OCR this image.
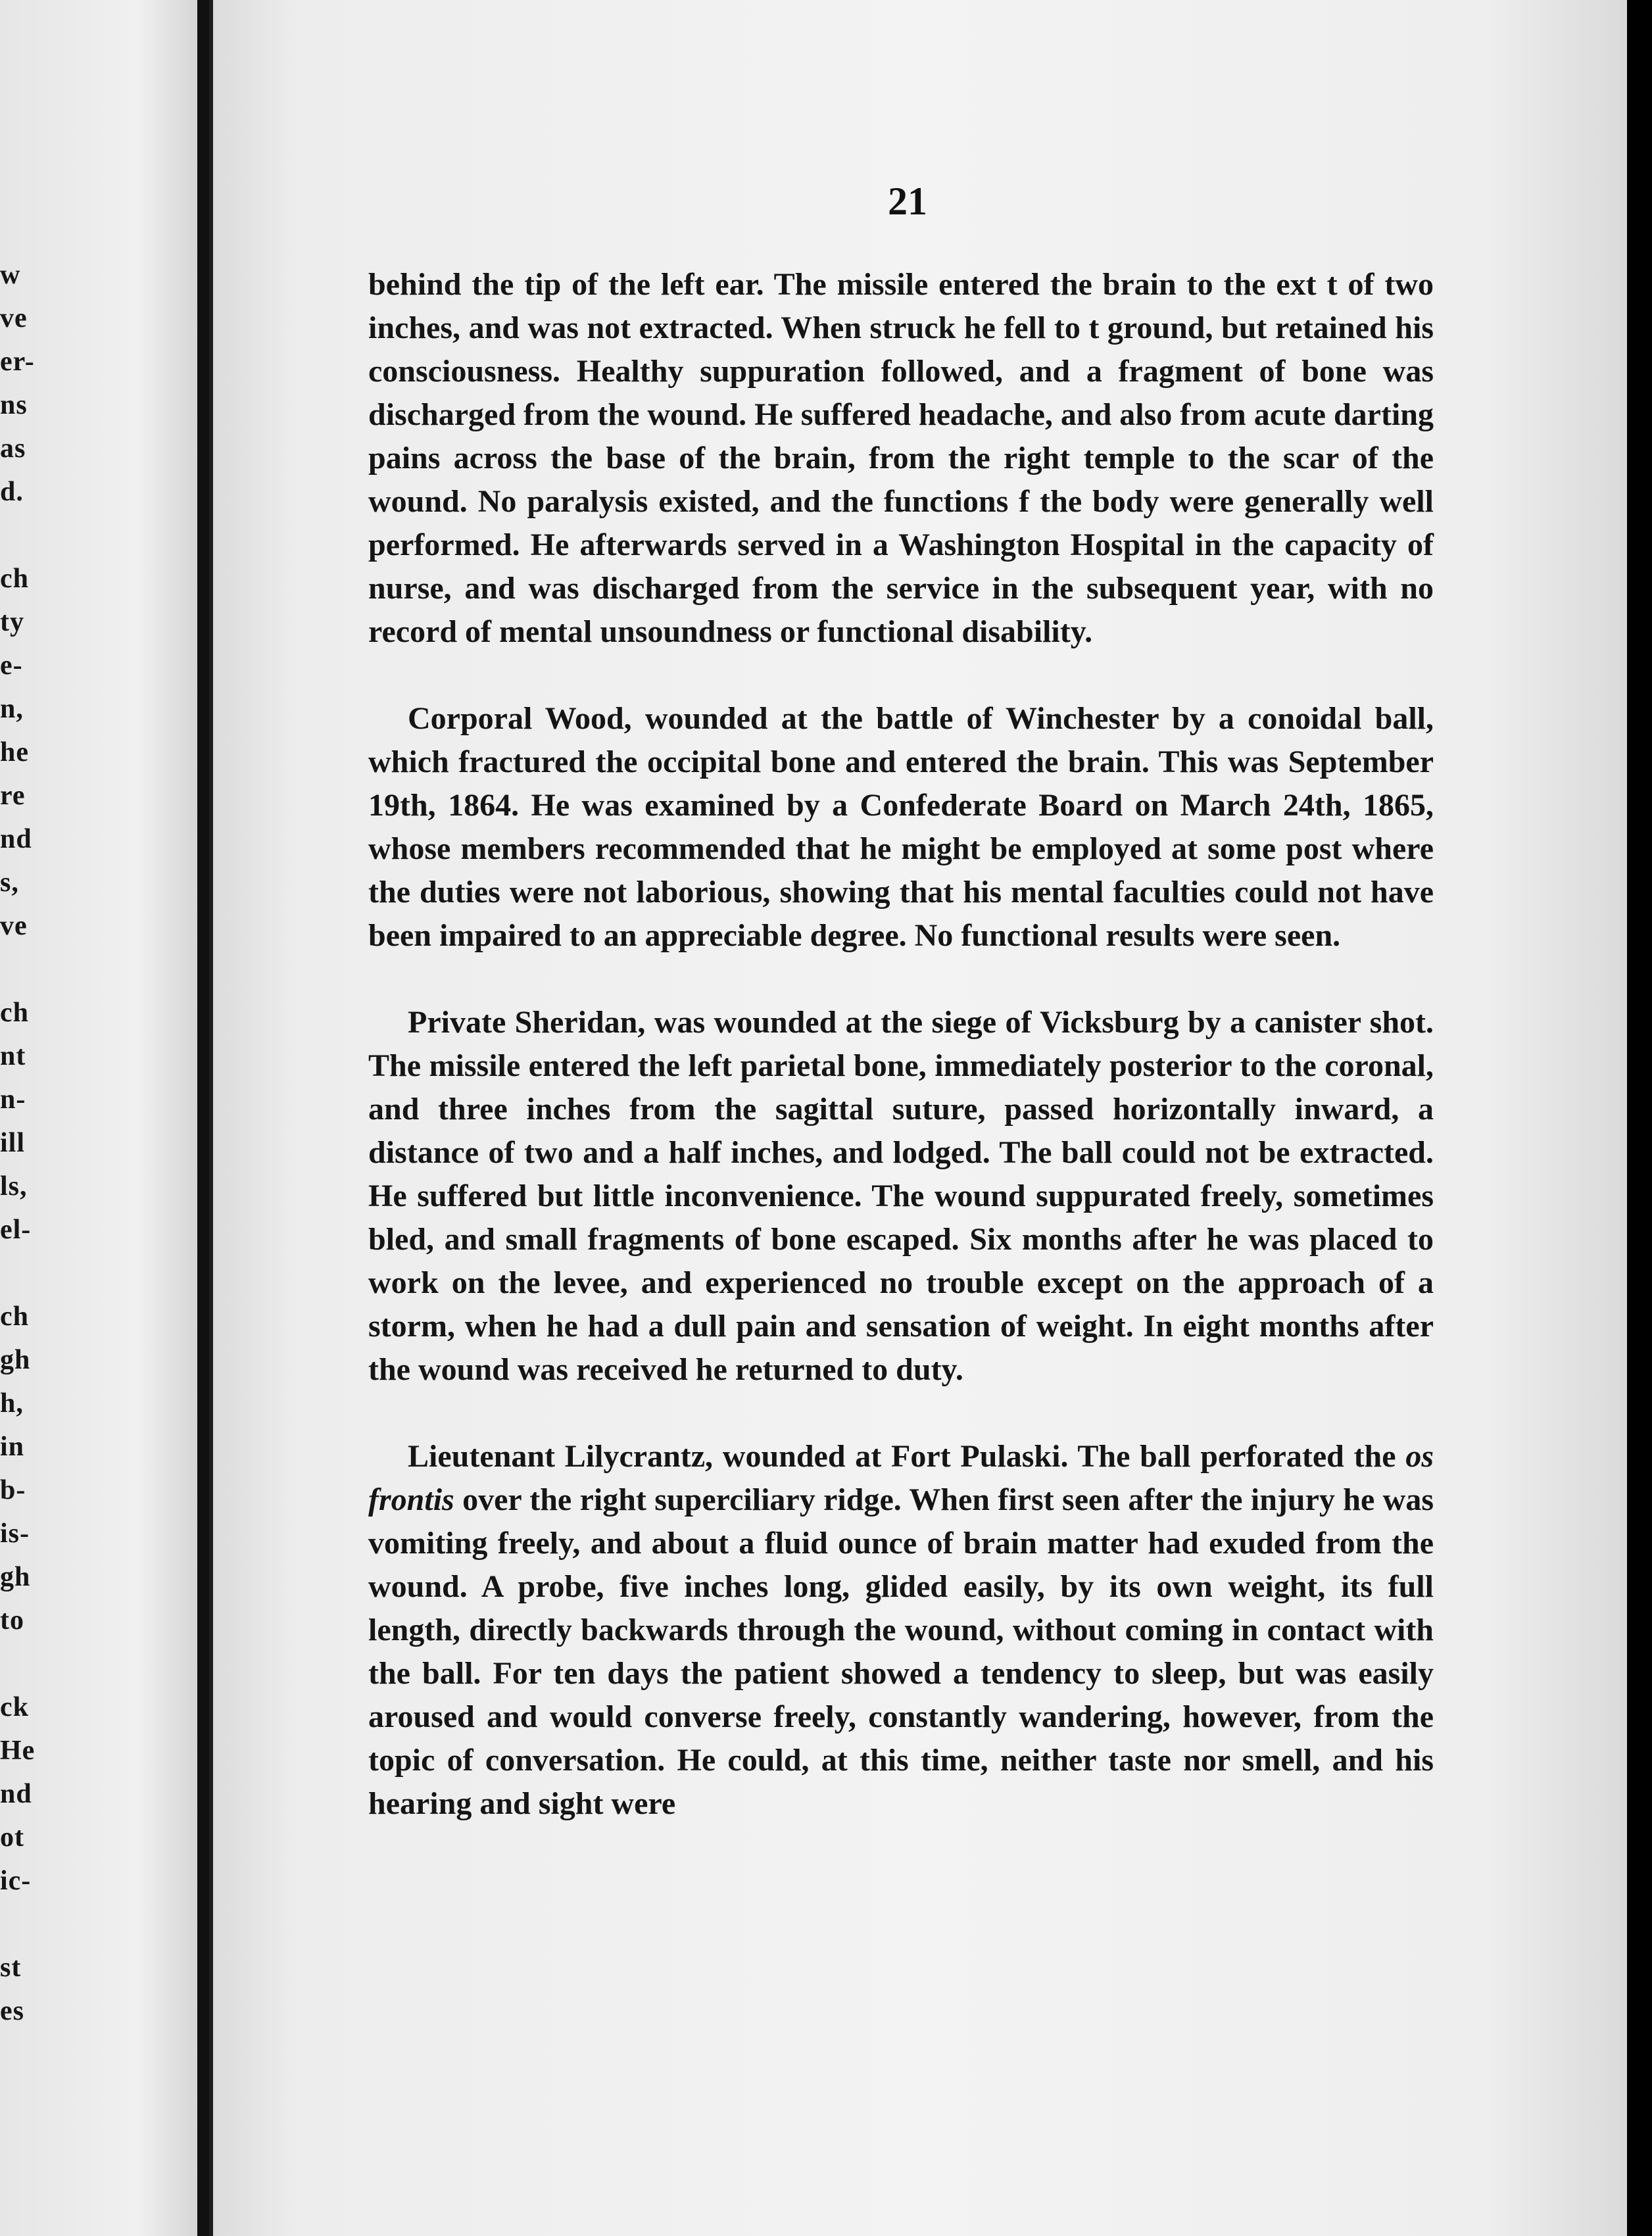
w
ve
er-
ns
as
d.
ch
ty
e-
n,
he
re
nd
s,
ve
ch
nt
n-
ill
ls,
el-
ch
gh
h,
in
b-
is-
gh
to
ck
He
nd
ot
ic-
st
es
21

behind the tip of the left ear. The missile entered the brain to the ext t of two inches, and was not extracted. When struck he fell to t ground, but retained his consciousness. Healthy suppuration followed, and a fragment of bone was discharged from the wound. He suffered headache, and also from acute darting pains across the base of the brain, from the right temple to the scar of the wound. No paralysis existed, and the functions f the body were generally well performed. He afterwards served in a Washington Hospital in the capacity of nurse, and was discharged from the service in the subsequent year, with no record of mental unsoundness or functional disability.

Corporal Wood, wounded at the battle of Winchester by a conoidal ball, which fractured the occipital bone and entered the brain. This was September 19th, 1864. He was examined by a Confederate Board on March 24th, 1865, whose members recommended that he might be employed at some post where the duties were not laborious, showing that his mental faculties could not have been impaired to an appreciable degree. No functional results were seen.

Private Sheridan, was wounded at the siege of Vicksburg by a canister shot. The missile entered the left parietal bone, immediately posterior to the coronal, and three inches from the sagittal suture, passed horizontally inward, a distance of two and a half inches, and lodged. The ball could not be extracted. He suffered but little inconvenience. The wound suppurated freely, sometimes bled, and small fragments of bone escaped. Six months after he was placed to work on the levee, and experienced no trouble except on the approach of a storm, when he had a dull pain and sensation of weight. In eight months after the wound was received he returned to duty.

Lieutenant Lilycrantz, wounded at Fort Pulaski. The ball perforated the os frontis over the right superciliary ridge. When first seen after the injury he was vomiting freely, and about a fluid ounce of brain matter had exuded from the wound. A probe, five inches long, glided easily, by its own weight, its full length, directly backwards through the wound, without coming in contact with the ball. For ten days the patient showed a tendency to sleep, but was easily aroused and would converse freely, constantly wandering, however, from the topic of conversation. He could, at this time, neither taste nor smell, and his hearing and sight were
